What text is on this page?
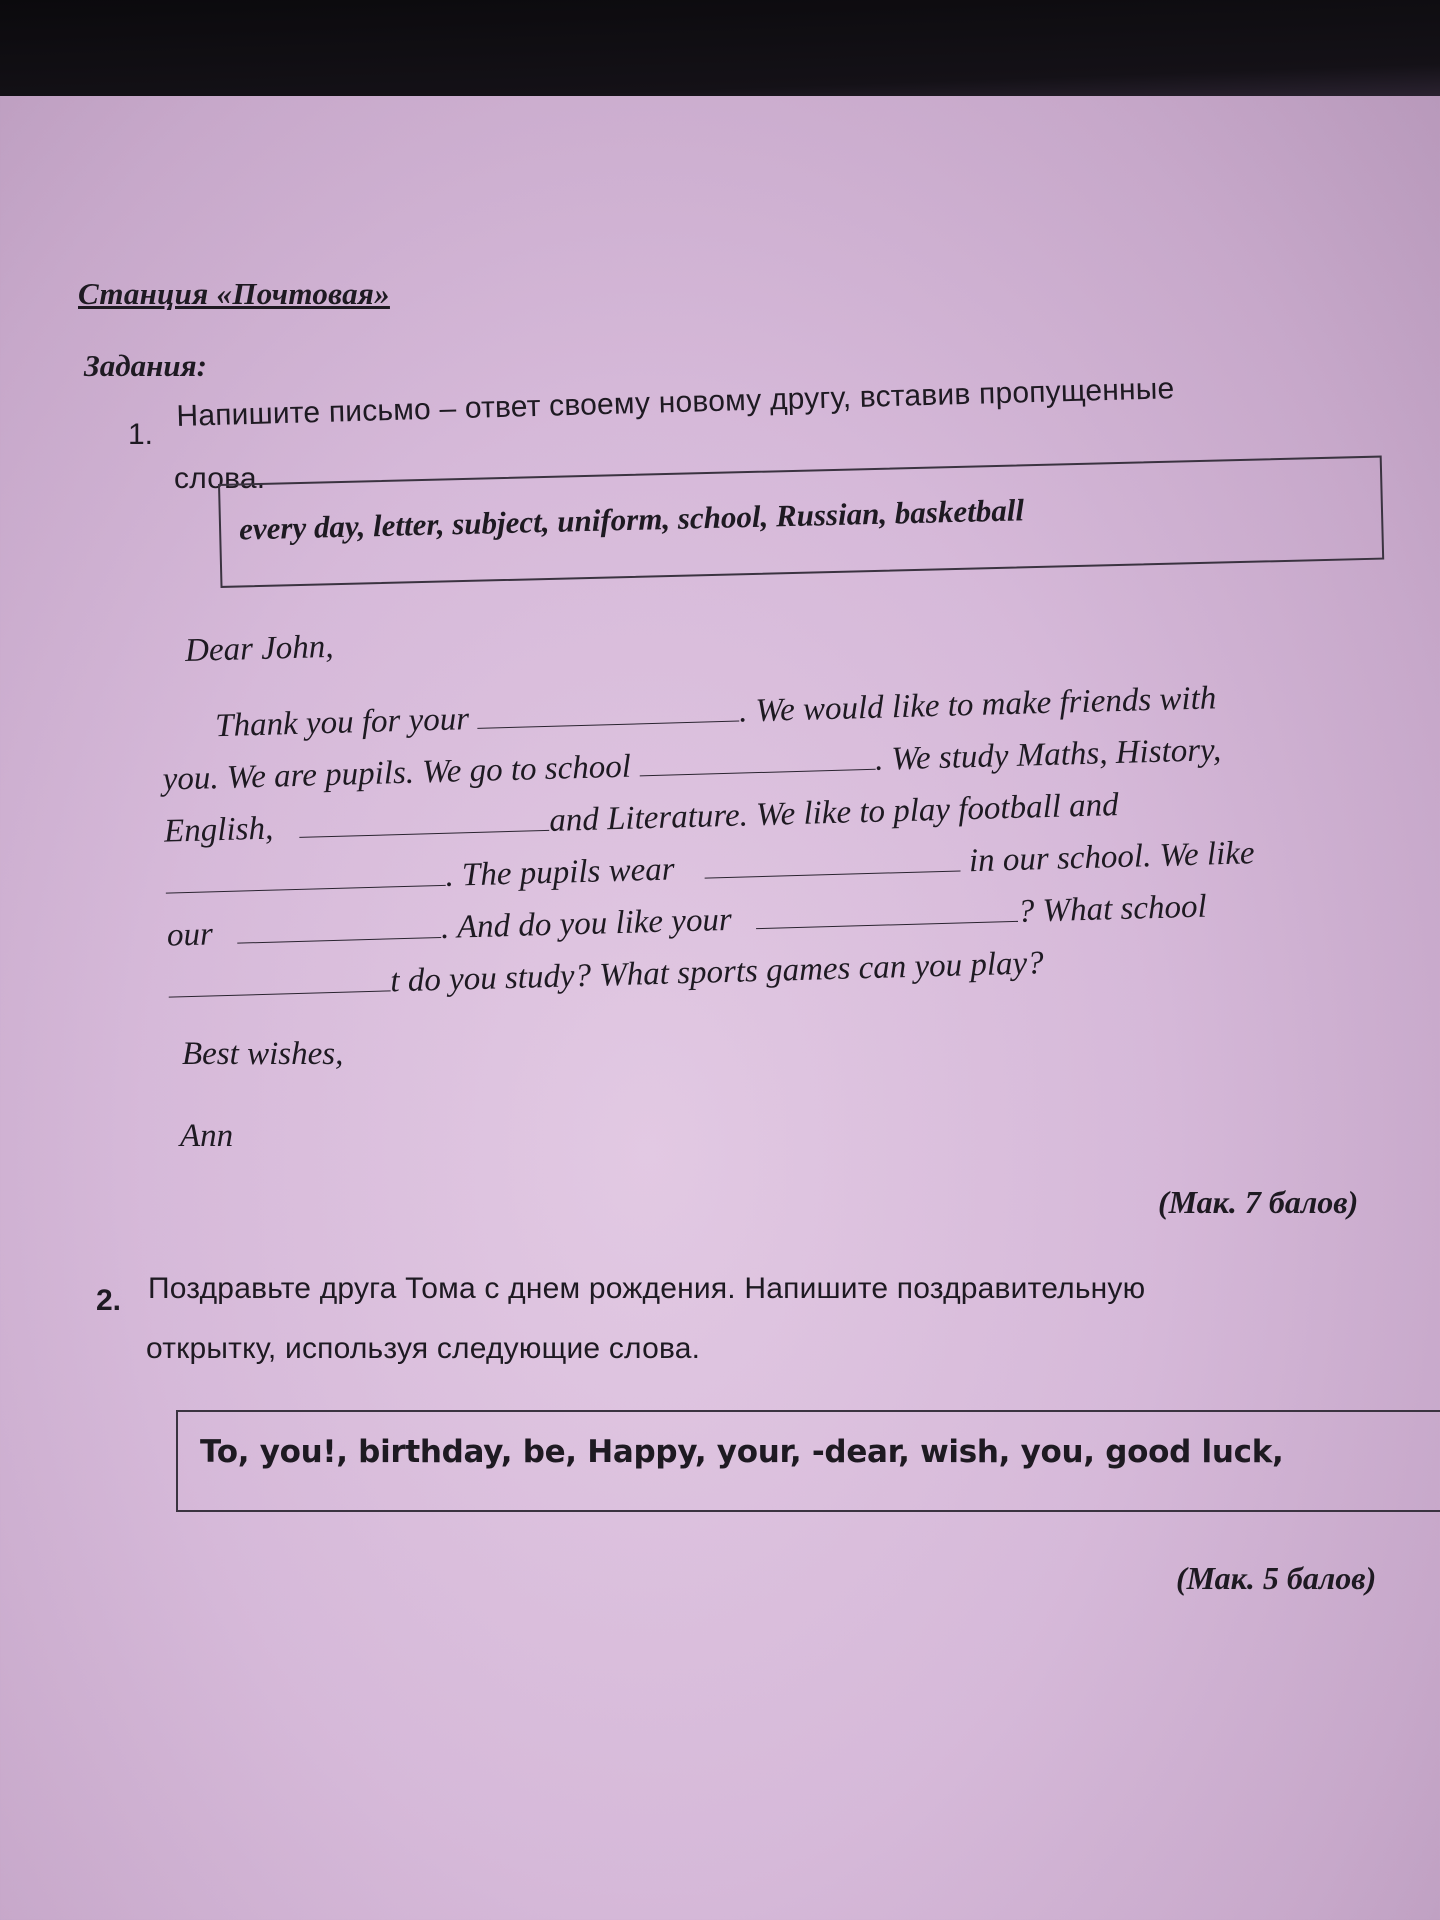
Станция «Почтовая»
Задания:
1.
Напишите письмо – ответ своему новому другу, вставив пропущенные
слова.
every day, letter, subject, uniform, school, Russian, basketball
Dear John,
Thank you for your	. We would like to make friends with
you. We are pupils. We go to school	. We study Maths, History,
English,	and Literature. We like to play football and
. The pupils wear	in our school. We like
our	. And do you like your	? What school
t do you study? What sports games can you play?
Best wishes,
Ann
(Мак. 7 балов)
2. Поздравьте друга Тома с днем рождения. Напишите поздравительную
открытку, используя следующие слова.
To, you!, birthday, be, Happy, your, -dear, wish, you, good luck,
(Мак. 5 балов)
